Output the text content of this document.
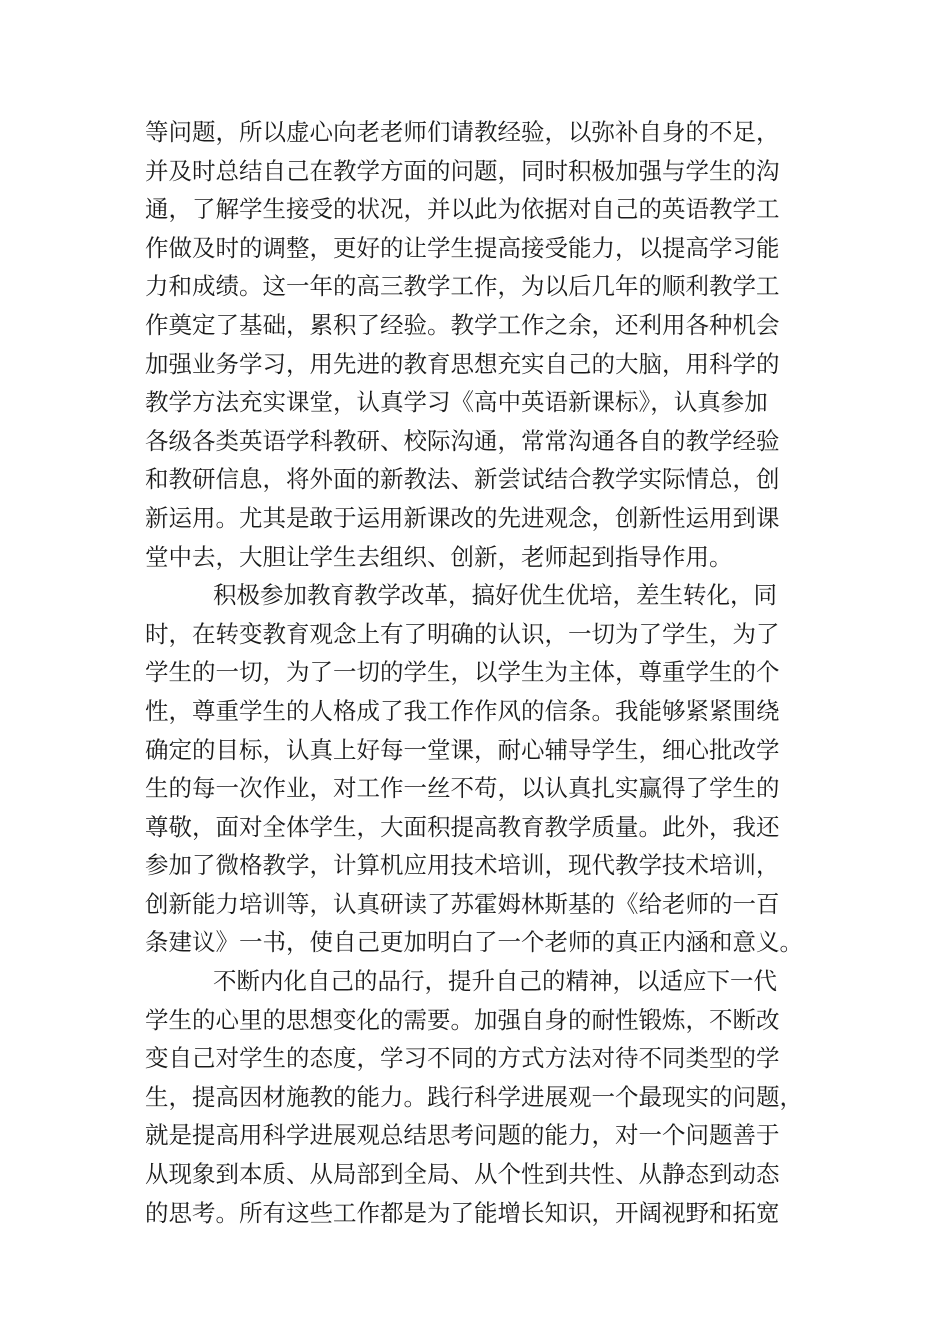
等问题，所以虚心向老老师们请教经验，以弥补自身的不足，
并及时总结自己在教学方面的问题，同时积极加强与学生的沟
通，了解学生接受的状况，并以此为依据对自己的英语教学工
作做及时的调整，更好的让学生提高接受能力，以提高学习能
力和成绩。这一年的高三教学工作，为以后几年的顺利教学工
作奠定了基础，累积了经验。教学工作之余，还利用各种机会
加强业务学习，用先进的教育思想充实自己的大脑，用科学的
教学方法充实课堂，认真学习《高中英语新课标》，认真参加
各级各类英语学科教研、校际沟通，常常沟通各自的教学经验
和教研信息，将外面的新教法、新尝试结合教学实际情总，创
新运用。尤其是敢于运用新课改的先进观念，创新性运用到课
堂中去，大胆让学生去组织、创新，老师起到指导作用。
积极参加教育教学改革，搞好优生优培，差生转化，同
时，在转变教育观念上有了明确的认识，一切为了学生，为了
学生的一切，为了一切的学生，以学生为主体，尊重学生的个
性，尊重学生的人格成了我工作作风的信条。我能够紧紧围绕
确定的目标，认真上好每一堂课，耐心辅导学生，细心批改学
生的每一次作业，对工作一丝不苟，以认真扎实赢得了学生的
尊敬，面对全体学生，大面积提高教育教学质量。此外，我还
参加了微格教学，计算机应用技术培训，现代教学技术培训，
创新能力培训等，认真研读了苏霍姆林斯基的《给老师的一百
条建议》一书，使自己更加明白了一个老师的真正内涵和意义。
不断内化自己的品行，提升自己的精神，以适应下一代
学生的心里的思想变化的需要。加强自身的耐性锻炼，不断改
变自己对学生的态度，学习不同的方式方法对待不同类型的学
生，提高因材施教的能力。践行科学进展观一个最现实的问题，
就是提高用科学进展观总结思考问题的能力，对一个问题善于
从现象到本质、从局部到全局、从个性到共性、从静态到动态
的思考。所有这些工作都是为了能增长知识，开阔视野和拓宽
